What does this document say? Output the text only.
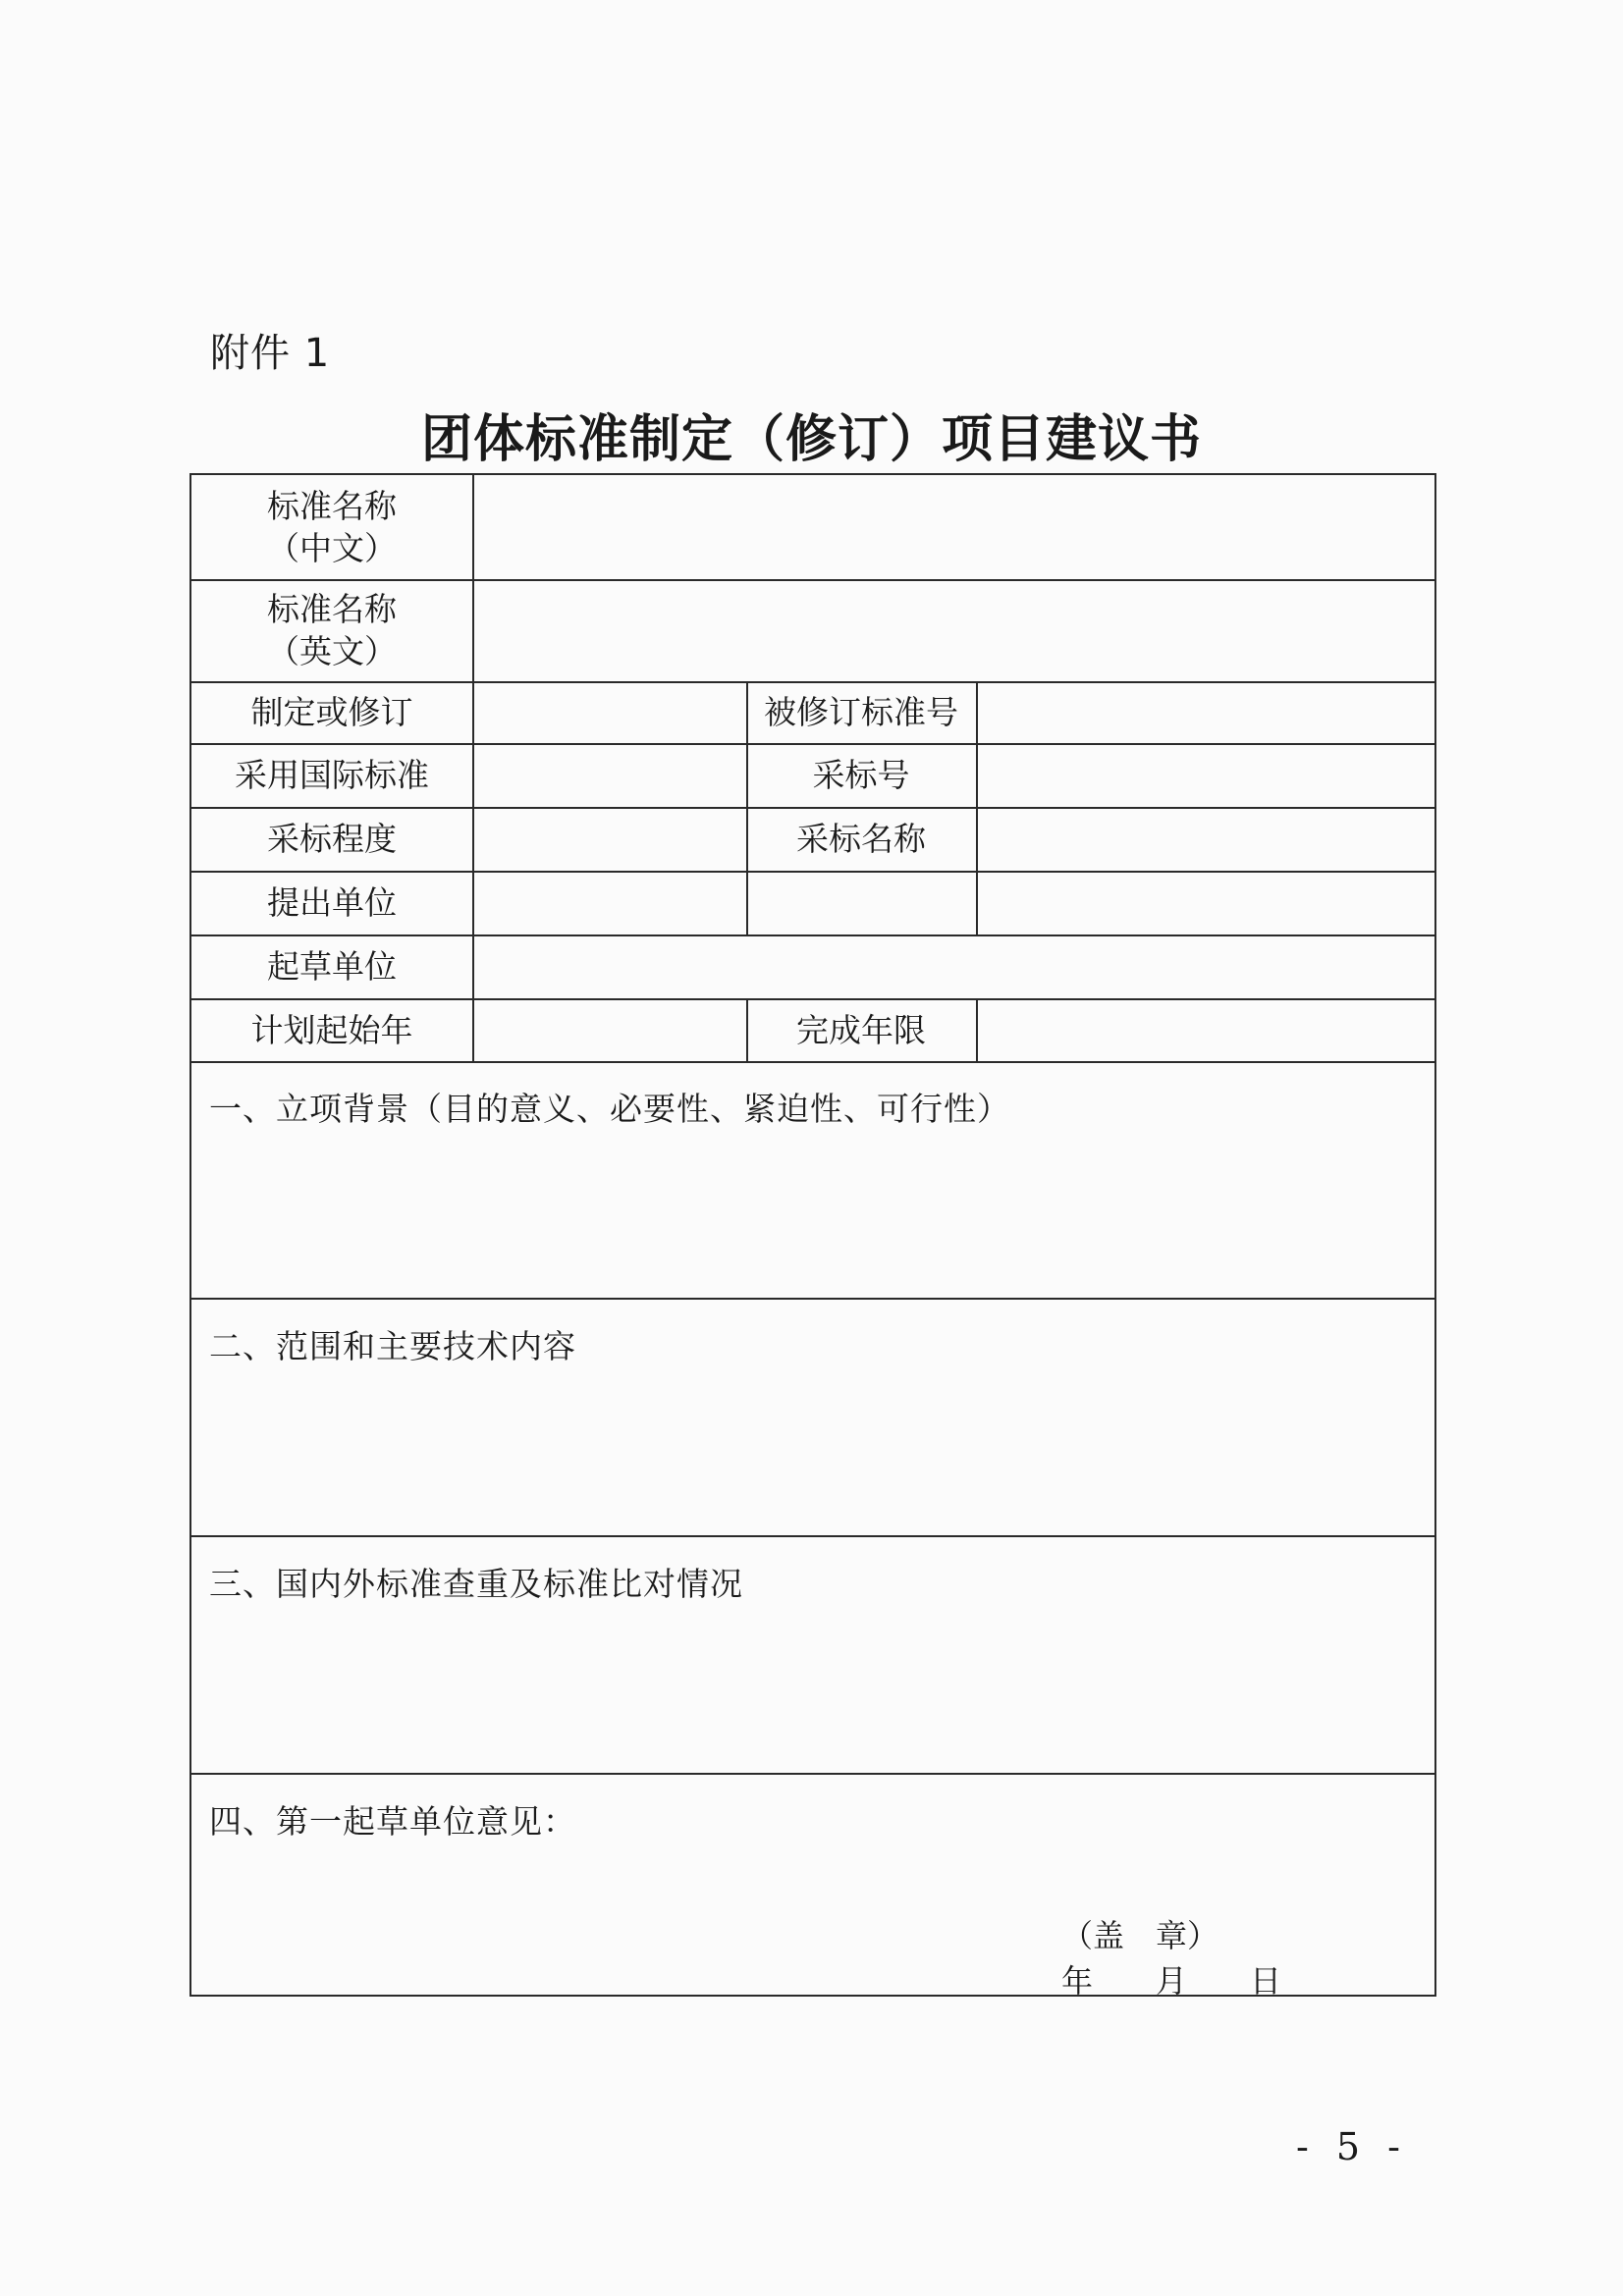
附件 1
团体标准制定（修订）项目建议书
标准名称
（中文）
标准名称
（英文）
制定或修订	被修订标准号
采用国际标准	采标号
采标程度	采标名称
提出单位
起草单位
计划起始年	完成年限
一、立项背景（目的意义、必要性、紧迫性、可行性）
二、范围和主要技术内容
三、国内外标准查重及标准比对情况
四、第一起草单位意见：
（盖　章）
年　　月　　日
- 5 -
